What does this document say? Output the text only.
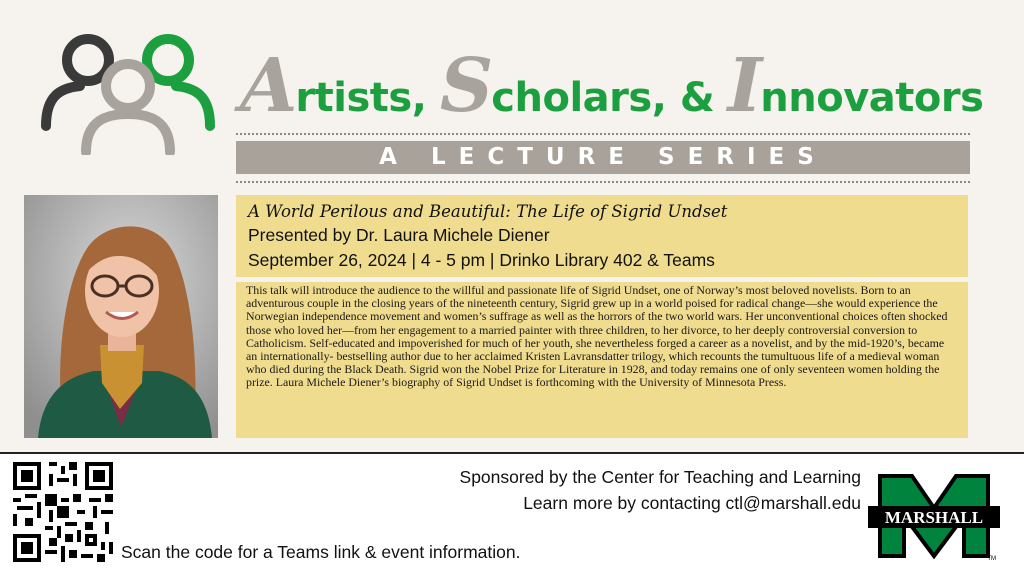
Artists, Scholars, & Innovators
A LECTURE SERIES
A World Perilous and Beautiful: The Life of Sigrid Undset
Presented by Dr. Laura Michele Diener
September 26, 2024 | 4 - 5 pm | Drinko Library 402 & Teams
This talk will introduce the audience to the willful and passionate life of Sigrid Undset, one of Norway’s most beloved novelists. Born to an adventurous couple in the closing years of the nineteenth century, Sigrid grew up in a world poised for radical change—she would experience the Norwegian independence movement and women’s suffrage as well as the horrors of the two world wars. Her unconventional choices often shocked those who loved her—from her engagement to a married painter with three children, to her divorce, to her deeply controversial conversion to Catholicism. Self-educated and impoverished for much of her youth, she nevertheless forged a career as a novelist, and by the mid-1920’s, became an internationally- bestselling author due to her acclaimed Kristen Lavransdatter trilogy, which recounts the tumultuous life of a medieval woman who died during the Black Death. Sigrid won the Nobel Prize for Literature in 1928, and today remains one of only seventeen women holding the prize. Laura Michele Diener’s biography of Sigrid Undset is forthcoming with the University of Minnesota Press.
Scan the code for a Teams link & event information.
Sponsored by the Center for Teaching and Learning
Learn more by contacting ctl@marshall.edu
MARSHALL
TM
